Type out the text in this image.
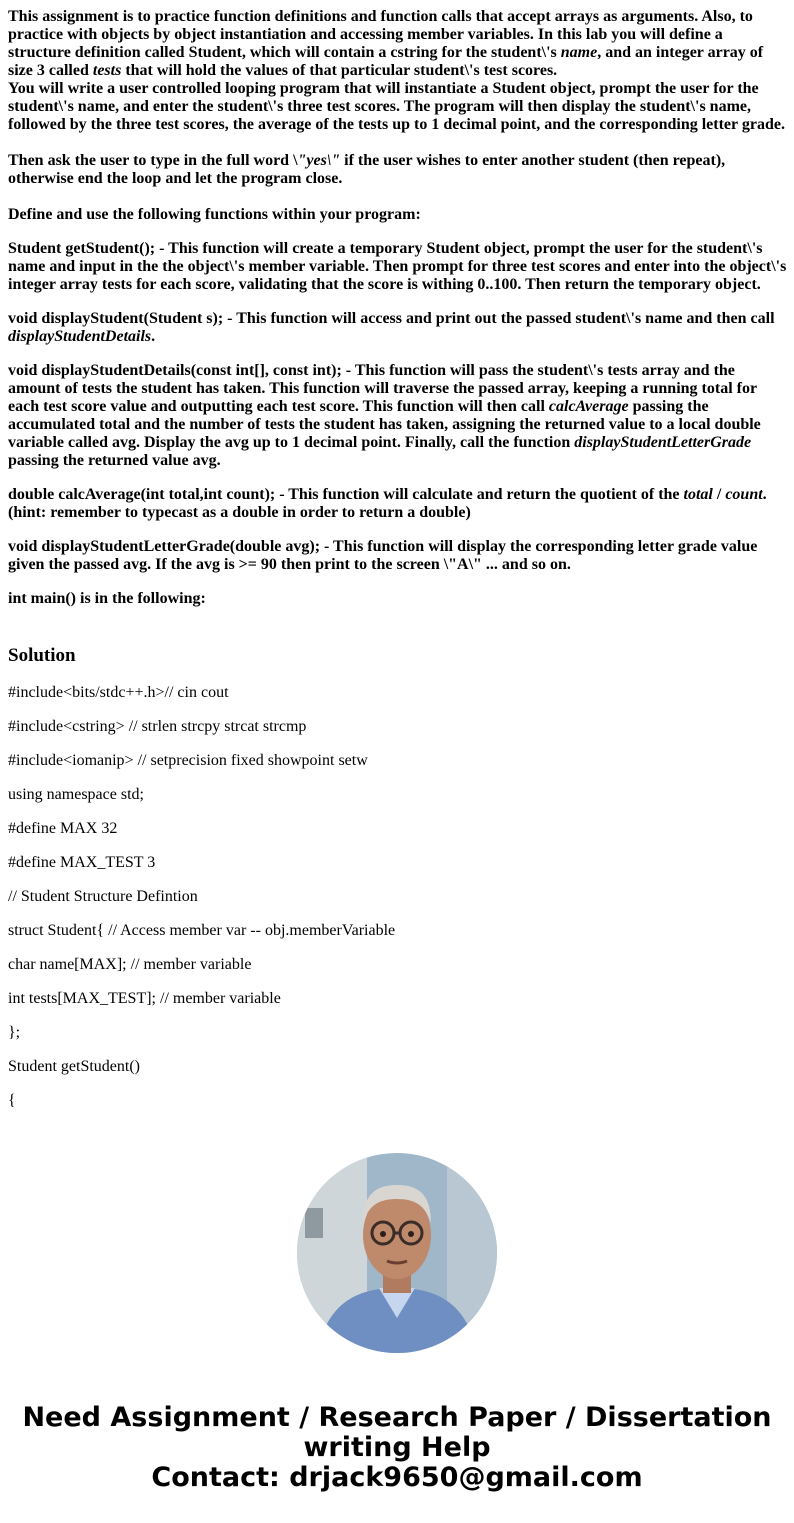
This assignment is to practice function definitions and function calls that accept arrays as arguments. Also, to practice with objects by object instantiation and accessing member variables. In this lab you will define a structure definition called Student, which will contain a cstring for the student\'s name, and an integer array of size 3 called tests that will hold the values of that particular student\'s test scores.

You will write a user controlled looping program that will instantiate a Student object, prompt the user for the student\'s name, and enter the student\'s three test scores. The program will then display the student\'s name, followed by the three test scores, the average of the tests up to 1 decimal point, and the corresponding letter grade.

Then ask the user to type in the full word \"yes\" if the user wishes to enter another student (then repeat), otherwise end the loop and let the program close.

Define and use the following functions within your program:

Student getStudent(); - This function will create a temporary Student object, prompt the user for the student\'s name and input in the the object\'s member variable. Then prompt for three test scores and enter into the object\'s integer array tests for each score, validating that the score is withing 0..100. Then return the temporary object.

void displayStudent(Student s); - This function will access and print out the passed student\'s name and then call displayStudentDetails.

void displayStudentDetails(const int[], const int); - This function will pass the student\'s tests array and the amount of tests the student has taken. This function will traverse the passed array, keeping a running total for each test score value and outputting each test score. This function will then call calcAverage passing the accumulated total and the number of tests the student has taken, assigning the returned value to a local double variable called avg. Display the avg up to 1 decimal point. Finally, call the function displayStudentLetterGrade passing the returned value avg.

double calcAverage(int total,int count); - This function will calculate and return the quotient of the total / count. (hint: remember to typecast as a double in order to return a double)

void displayStudentLetterGrade(double avg); - This function will display the corresponding letter grade value given the passed avg. If the avg is >= 90 then print to the screen \"A\" ... and so on.

int main() is in the following:

Solution

#include<bits/stdc++.h>// cin cout

#include<cstring> // strlen strcpy strcat strcmp

#include<iomanip> // setprecision fixed showpoint setw

using namespace std;

#define MAX 32

#define MAX_TEST 3

// Student Structure Defintion

struct Student{ // Access member var -- obj.memberVariable

char name[MAX]; // member variable

int tests[MAX_TEST]; // member variable

};

Student getStudent()

{

Need Assignment / Research Paper / Dissertation
writing Help
Contact: drjack9650@gmail.com
